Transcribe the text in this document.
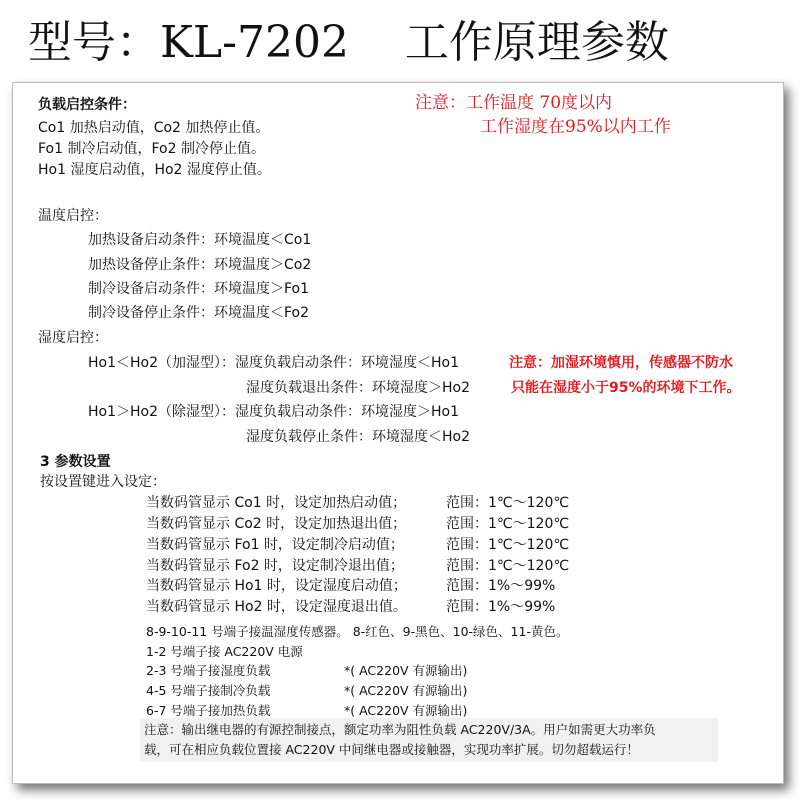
型号：KL-7202    工作原理参数
注意：工作温度 70度以内
工作湿度在95%以内工作
负载启控条件：
Co1 加热启动值，Co2 加热停止值。
Fo1 制冷启动值，Fo2 制冷停止值。
Ho1 湿度启动值，Ho2 湿度停止值。
温度启控：
加热设备启动条件：环境温度＜Co1
加热设备停止条件：环境温度＞Co2
制冷设备启动条件：环境温度＞Fo1
制冷设备停止条件：环境温度＜Fo2
湿度启控：
Ho1＜Ho2（加湿型）：湿度负载启动条件：环境湿度＜Ho1	注意：加湿环境慎用，传感器不防水
湿度负载退出条件：环境湿度＞Ho2	只能在湿度小于95%的环境下工作。
Ho1＞Ho2（除湿型）：湿度负载启动条件：环境湿度＞Ho1
湿度负载停止条件：环境湿度＜Ho2
3 参数设置
按设置键进入设定：
当数码管显示 Co1 时，设定加热启动值；	范围：1℃～120℃
当数码管显示 Co2 时，设定加热退出值；	范围：1℃～120℃
当数码管显示 Fo1 时，设定制冷启动值；	范围：1℃～120℃
当数码管显示 Fo2 时，设定制冷退出值；	范围：1℃～120℃
当数码管显示 Ho1 时，设定湿度启动值；	范围：1%～99%
当数码管显示 Ho2 时，设定湿度退出值。	范围：1%～99%
8-9-10-11 号端子接温湿度传感器。 8-红色、9-黑色、10-绿色、11-黄色。
1-2 号端子接 AC220V 电源
2-3 号端子接湿度负载	*( AC220V 有源输出)
4-5 号端子接制冷负载	*( AC220V 有源输出)
6-7 号端子接加热负载	*( AC220V 有源输出)
注意：输出继电器的有源控制接点，额定功率为阻性负载 AC220V/3A。用户如需更大功率负
载，可在相应负载位置接 AC220V 中间继电器或接触器，实现功率扩展。切勿超载运行！
